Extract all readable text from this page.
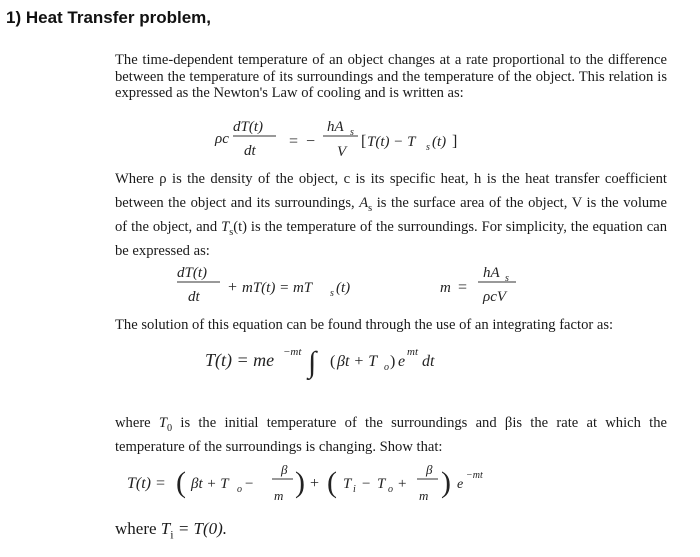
1) Heat Transfer problem,

The time-dependent temperature of an object changes at a rate proportional to the difference between the temperature of its surroundings and the temperature of the object. This relation is expressed as the Newton's Law of cooling and is written as:

ρc
dT(t)
dt
= −
hA s
V
[ T(t) − T s (t) ]

Where ρ is the density of the object, c is its specific heat, h is the heat transfer coefficient between the object and its surroundings, $A_s$ is the surface area of the object, V is the volume of the object, and $T_s(t)$ is the temperature of the surroundings. For simplicity, the equation can be expressed as:

dT(t)
dt
+ mT(t) = mT s (t)	m =
hA s
ρcV

The solution of this equation can be found through the use of an integrating factor as:

T(t) = me −mt ∫ ( βt + T o ) e
mt
dt

where $T_0$ is the initial temperature of the surroundings and βis the rate at which the temperature of the surroundings is changing. Show that:

T(t) = ( βt + T o −
β
m ) + ( T i − T o +
β
m ) e
−mt

where $T_i = T(0)$.
